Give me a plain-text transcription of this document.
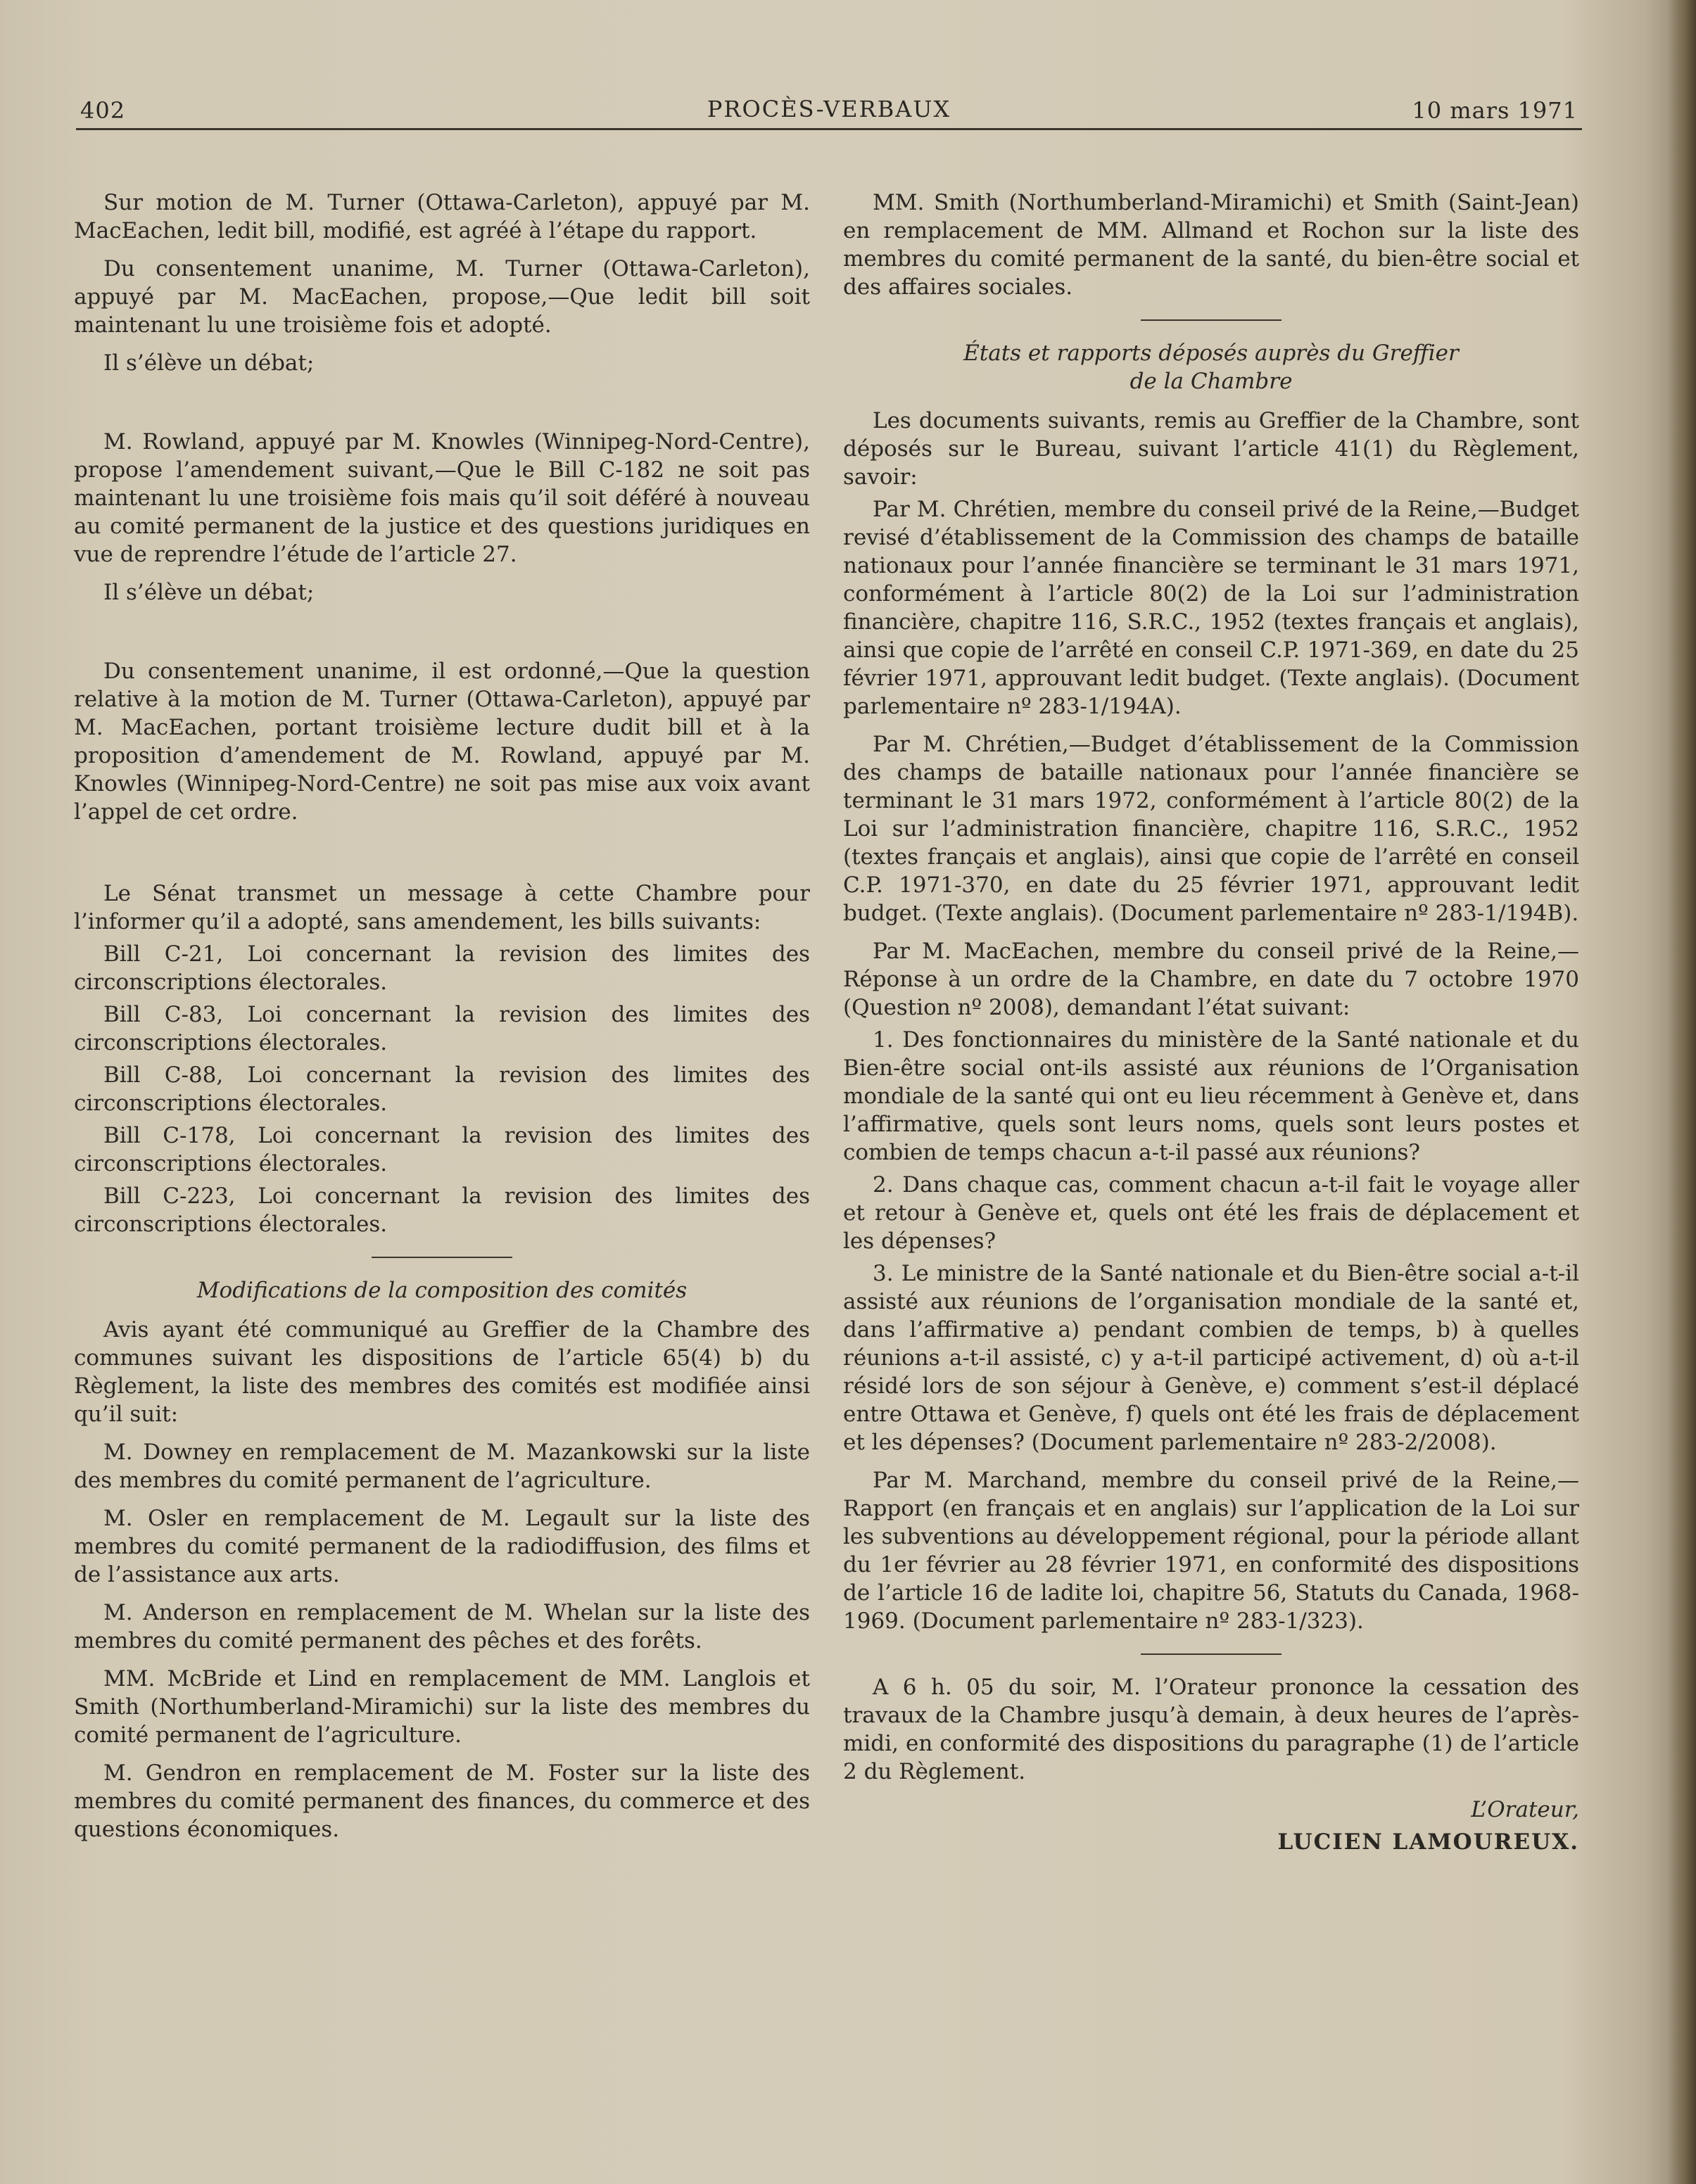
402	PROCÈS-VERBAUX	10 mars 1971

Sur motion de M. Turner (Ottawa-Carleton), appuyé par M. MacEachen, ledit bill, modifié, est agréé à l’étape du rapport.

Du consentement unanime, M. Turner (Ottawa-Carleton), appuyé par M. MacEachen, propose,—Que ledit bill soit maintenant lu une troisième fois et adopté.

Il s’élève un débat;

M. Rowland, appuyé par M. Knowles (Winnipeg-Nord-Centre), propose l’amendement suivant,—Que le Bill C-182 ne soit pas maintenant lu une troisième fois mais qu’il soit déféré à nouveau au comité permanent de la justice et des questions juridiques en vue de reprendre l’étude de l’article 27.

Il s’élève un débat;

Du consentement unanime, il est ordonné,—Que la question relative à la motion de M. Turner (Ottawa-Carleton), appuyé par M. MacEachen, portant troisième lecture dudit bill et à la proposition d’amendement de M. Rowland, appuyé par M. Knowles (Winnipeg-Nord-Centre) ne soit pas mise aux voix avant l’appel de cet ordre.

Le Sénat transmet un message à cette Chambre pour l’informer qu’il a adopté, sans amendement, les bills suivants:

Bill C-21, Loi concernant la revision des limites des circonscriptions électorales.

Bill C-83, Loi concernant la revision des limites des circonscriptions électorales.

Bill C-88, Loi concernant la revision des limites des circonscriptions électorales.

Bill C-178, Loi concernant la revision des limites des circonscriptions électorales.

Bill C-223, Loi concernant la revision des limites des circonscriptions électorales.

Modifications de la composition des comités

Avis ayant été communiqué au Greffier de la Chambre des communes suivant les dispositions de l’article 65(4) b) du Règlement, la liste des membres des comités est modifiée ainsi qu’il suit:

M. Downey en remplacement de M. Mazankowski sur la liste des membres du comité permanent de l’agriculture.

M. Osler en remplacement de M. Legault sur la liste des membres du comité permanent de la radiodiffusion, des films et de l’assistance aux arts.

M. Anderson en remplacement de M. Whelan sur la liste des membres du comité permanent des pêches et des forêts.

MM. McBride et Lind en remplacement de MM. Langlois et Smith (Northumberland-Miramichi) sur la liste des membres du comité permanent de l’agriculture.

M. Gendron en remplacement de M. Foster sur la liste des membres du comité permanent des finances, du commerce et des questions économiques.

MM. Smith (Northumberland-Miramichi) et Smith (Saint-Jean) en remplacement de MM. Allmand et Rochon sur la liste des membres du comité permanent de la santé, du bien-être social et des affaires sociales.

États et rapports déposés auprès du Greffier
de la Chambre

Les documents suivants, remis au Greffier de la Chambre, sont déposés sur le Bureau, suivant l’article 41(1) du Règlement, savoir:

Par M. Chrétien, membre du conseil privé de la Reine,—Budget revisé d’établissement de la Commission des champs de bataille nationaux pour l’année financière se terminant le 31 mars 1971, conformément à l’article 80(2) de la Loi sur l’administration financière, chapitre 116, S.R.C., 1952 (textes français et anglais), ainsi que copie de l’arrêté en conseil C.P. 1971-369, en date du 25 février 1971, approuvant ledit budget. (Texte anglais). (Document parlementaire nº 283-1/194A).

Par M. Chrétien,—Budget d’établissement de la Commission des champs de bataille nationaux pour l’année financière se terminant le 31 mars 1972, conformément à l’article 80(2) de la Loi sur l’administration financière, chapitre 116, S.R.C., 1952 (textes français et anglais), ainsi que copie de l’arrêté en conseil C.P. 1971-370, en date du 25 février 1971, approuvant ledit budget. (Texte anglais). (Document parlementaire nº 283-1/194B).

Par M. MacEachen, membre du conseil privé de la Reine,—Réponse à un ordre de la Chambre, en date du 7 octobre 1970 (Question nº 2008), demandant l’état suivant:

1. Des fonctionnaires du ministère de la Santé nationale et du Bien-être social ont-ils assisté aux réunions de l’Organisation mondiale de la santé qui ont eu lieu récemment à Genève et, dans l’affirmative, quels sont leurs noms, quels sont leurs postes et combien de temps chacun a-t-il passé aux réunions?

2. Dans chaque cas, comment chacun a-t-il fait le voyage aller et retour à Genève et, quels ont été les frais de déplacement et les dépenses?

3. Le ministre de la Santé nationale et du Bien-être social a-t-il assisté aux réunions de l’organisation mondiale de la santé et, dans l’affirmative a) pendant combien de temps, b) à quelles réunions a-t-il assisté, c) y a-t-il participé activement, d) où a-t-il résidé lors de son séjour à Genève, e) comment s’est-il déplacé entre Ottawa et Genève, f) quels ont été les frais de déplacement et les dépenses? (Document parlementaire nº 283-2/2008).

Par M. Marchand, membre du conseil privé de la Reine,—Rapport (en français et en anglais) sur l’application de la Loi sur les subventions au développement régional, pour la période allant du 1er février au 28 février 1971, en conformité des dispositions de l’article 16 de ladite loi, chapitre 56, Statuts du Canada, 1968-1969. (Document parlementaire nº 283-1/323).

A 6 h. 05 du soir, M. l’Orateur prononce la cessation des travaux de la Chambre jusqu’à demain, à deux heures de l’après-midi, en conformité des dispositions du paragraphe (1) de l’article 2 du Règlement.

L’Orateur,
LUCIEN LAMOUREUX.
